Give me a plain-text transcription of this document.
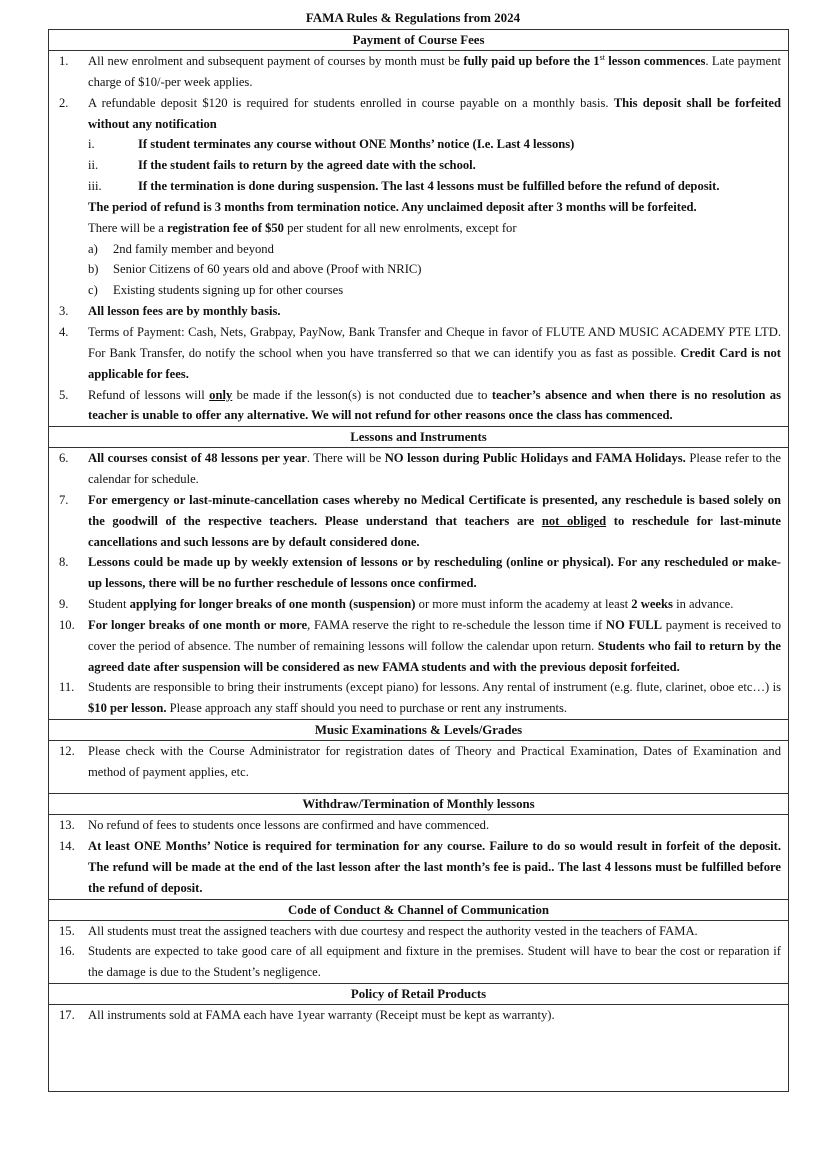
FAMA Rules & Regulations from 2024
Payment of Course Fees
1. All new enrolment and subsequent payment of courses by month must be fully paid up before the 1st lesson commences. Late payment charge of $10/-per week applies.
2. A refundable deposit $120 is required for students enrolled in course payable on a monthly basis. This deposit shall be forfeited without any notification
i.	If student terminates any course without ONE Months’ notice (I.e. Last 4 lessons)
ii.	If the student fails to return by the agreed date with the school.
iii.	If the termination is done during suspension. The last 4 lessons must be fulfilled before the refund of deposit.
The period of refund is 3 months from termination notice. Any unclaimed deposit after 3 months will be forfeited.
There will be a registration fee of $50 per student for all new enrolments, except for
a) 2nd family member and beyond
b) Senior Citizens of 60 years old and above (Proof with NRIC)
c) Existing students signing up for other courses
3. All lesson fees are by monthly basis.
4. Terms of Payment: Cash, Nets, Grabpay, PayNow, Bank Transfer and Cheque in favor of FLUTE AND MUSIC ACADEMY PTE LTD. For Bank Transfer, do notify the school when you have transferred so that we can identify you as fast as possible. Credit Card is not applicable for fees.
5. Refund of lessons will only be made if the lesson(s) is not conducted due to teacher’s absence and when there is no resolution as teacher is unable to offer any alternative. We will not refund for other reasons once the class has commenced.
Lessons and Instruments
6. All courses consist of 48 lessons per year. There will be NO lesson during Public Holidays and FAMA Holidays. Please refer to the calendar for schedule.
7. For emergency or last-minute-cancellation cases whereby no Medical Certificate is presented, any reschedule is based solely on the goodwill of the respective teachers. Please understand that teachers are not obliged to reschedule for last-minute cancellations and such lessons are by default considered done.
8. Lessons could be made up by weekly extension of lessons or by rescheduling (online or physical). For any rescheduled or make-up lessons, there will be no further reschedule of lessons once confirmed.
9. Student applying for longer breaks of one month (suspension) or more must inform the academy at least 2 weeks in advance.
10. For longer breaks of one month or more, FAMA reserve the right to re-schedule the lesson time if NO FULL payment is received to cover the period of absence. The number of remaining lessons will follow the calendar upon return. Students who fail to return by the agreed date after suspension will be considered as new FAMA students and with the previous deposit forfeited.
11. Students are responsible to bring their instruments (except piano) for lessons. Any rental of instrument (e.g. flute, clarinet, oboe etc…) is $10 per lesson. Please approach any staff should you need to purchase or rent any instruments.
Music Examinations & Levels/Grades
12. Please check with the Course Administrator for registration dates of Theory and Practical Examination, Dates of Examination and method of payment applies, etc.
Withdraw/Termination of Monthly lessons
13. No refund of fees to students once lessons are confirmed and have commenced.
14. At least ONE Months’ Notice is required for termination for any course. Failure to do so would result in forfeit of the deposit. The refund will be made at the end of the last lesson after the last month’s fee is paid.. The last 4 lessons must be fulfilled before the refund of deposit.
Code of Conduct & Channel of Communication
15. All students must treat the assigned teachers with due courtesy and respect the authority vested in the teachers of FAMA.
16. Students are expected to take good care of all equipment and fixture in the premises. Student will have to bear the cost or reparation if the damage is due to the Student’s negligence.
Policy of Retail Products
17. All instruments sold at FAMA each have 1year warranty (Receipt must be kept as warranty).
